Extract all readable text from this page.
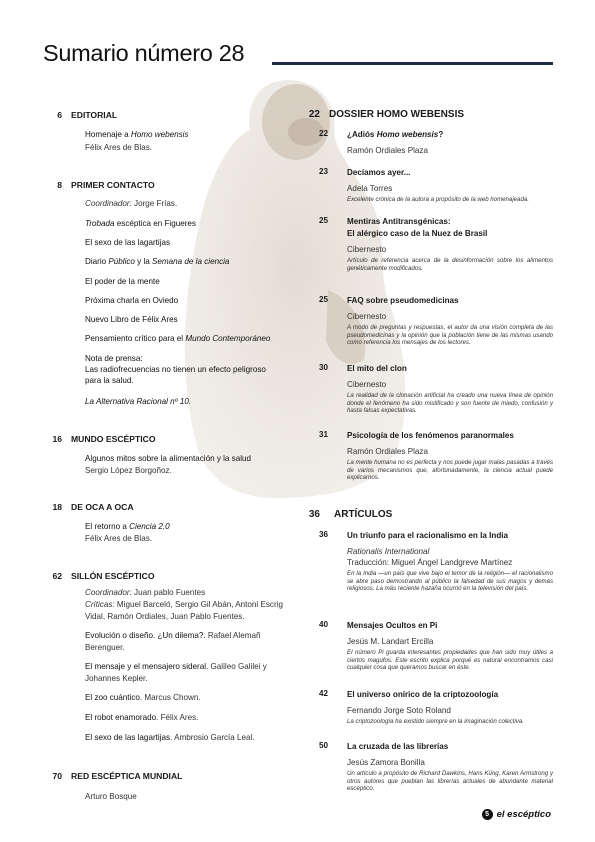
Sumario número 28
6 EDITORIAL
Homenaje a Homo webensis
Félix Ares de Blas.
8 PRIMER CONTACTO
Coordinador: Jorge Frías.
Trobada escéptica en Figueres
El sexo de las lagartijas
Diario Público y la Semana de la ciencia
El poder de la mente
Próxima charla en Oviedo
Nuevo Libro de Félix Ares
Pensamiento crítico para el Mundo Contemporáneo
Nota de prensa:
Las radiofrecuencias no tienen un efecto peligroso
para la salud.
La Alternativa Racional nº 10.
16 MUNDO ESCÉPTICO
Algunos mitos sobre la alimentación y la salud
Sergio López Borgoñoz.
18 DE OCA A OCA
El retorno a Ciencia 2.0
Félix Ares de Blas.
62 SILLÓN ESCÉPTICO
Coordinador: Juan pablo Fuentes
Críticas: Miguel Barceló, Sergio Gil Abán, Antoni Escrig
Vidal, Ramón Ordiales, Juan Pablo Fuentes.
Evolución o diseño. ¿Un dilema?. Rafael Alemañ
Berenguer.
El mensaje y el mensajero sideral. Galileo Galilei y
Johannes Kepler.
El zoo cuántico. Marcus Chown.
El robot enamorado. Félix Ares.
El sexo de las lagartijas. Ambrosio García Leal.
70 RED ESCÉPTICA MUNDIAL
Arturo Bosque
22 DOSSIER HOMO WEBENSIS
22 ¿Adiós Homo webensis?
Ramón Ordiales Plaza
23 Decíamos ayer...
Adela Torres
Excelente crónica de la autora a propósito de la web homenajeada.
25 Mentiras Antitransgénicas:
El alérgico caso de la Nuez de Brasil
Cibernesto
Artículo de referencia acerca de la desinformación sobre los alimentos genéticamente modificados.
25 FAQ sobre pseudomedicinas
Cibernesto
A modo de preguntas y respuestas, el autor da una visión completa de las pseudomedicinas y la opinión que la población tiene de las mismas usando como referencia los mensajes de los lectores.
30 El mito del clon
Cibernesto
La realidad de la clonación artificial ha creado una nueva línea de opinión donde el fenómeno ha sido mistificado y son fuente de miedo, confusión y hasta falsas expectativas.
31 Psicología de los fenómenos paranormales
Ramón Ordiales Plaza
La mente humana no es perfecta y nos puede jugar malas pasadas a través de varios mecanismos que, afortunadamente, la ciencia actual puede explicarnos.
36 ARTÍCULOS
36 Un triunfo para el racionalismo en la India
Rationalis International
Traducción: Miguel Ángel Landgreve Martínez
En la India —un país que vive bajo el temor de la religión— el racionalismo se abre paso demostrando al público la falsedad de sus magos y demás religiosos. La más reciente hazaña ocurrió en la televisión del país.
40 Mensajes Ocultos en Pi
Jesús M. Landart Ercilla
El número Pi guarda interesantes propiedades que han sido muy útiles a ciertos magufos. Este escrito explica porqué es natural encontramos casi cualquier cosa que queramos buscar en éste.
42 El universo onírico de la criptozoología
Fernando Jorge Soto Roland
La criptozoología ha existido siempre en la imaginación colectiva.
50 La cruzada de las librerías
Jesús Zamora Bonilla
Un artículo a propósito de Richard Dawkins, Hans Küng, Karen Armstrong y otros autores que pueblan las librerías actuales de abundante material escéptico.
5 el escéptico
